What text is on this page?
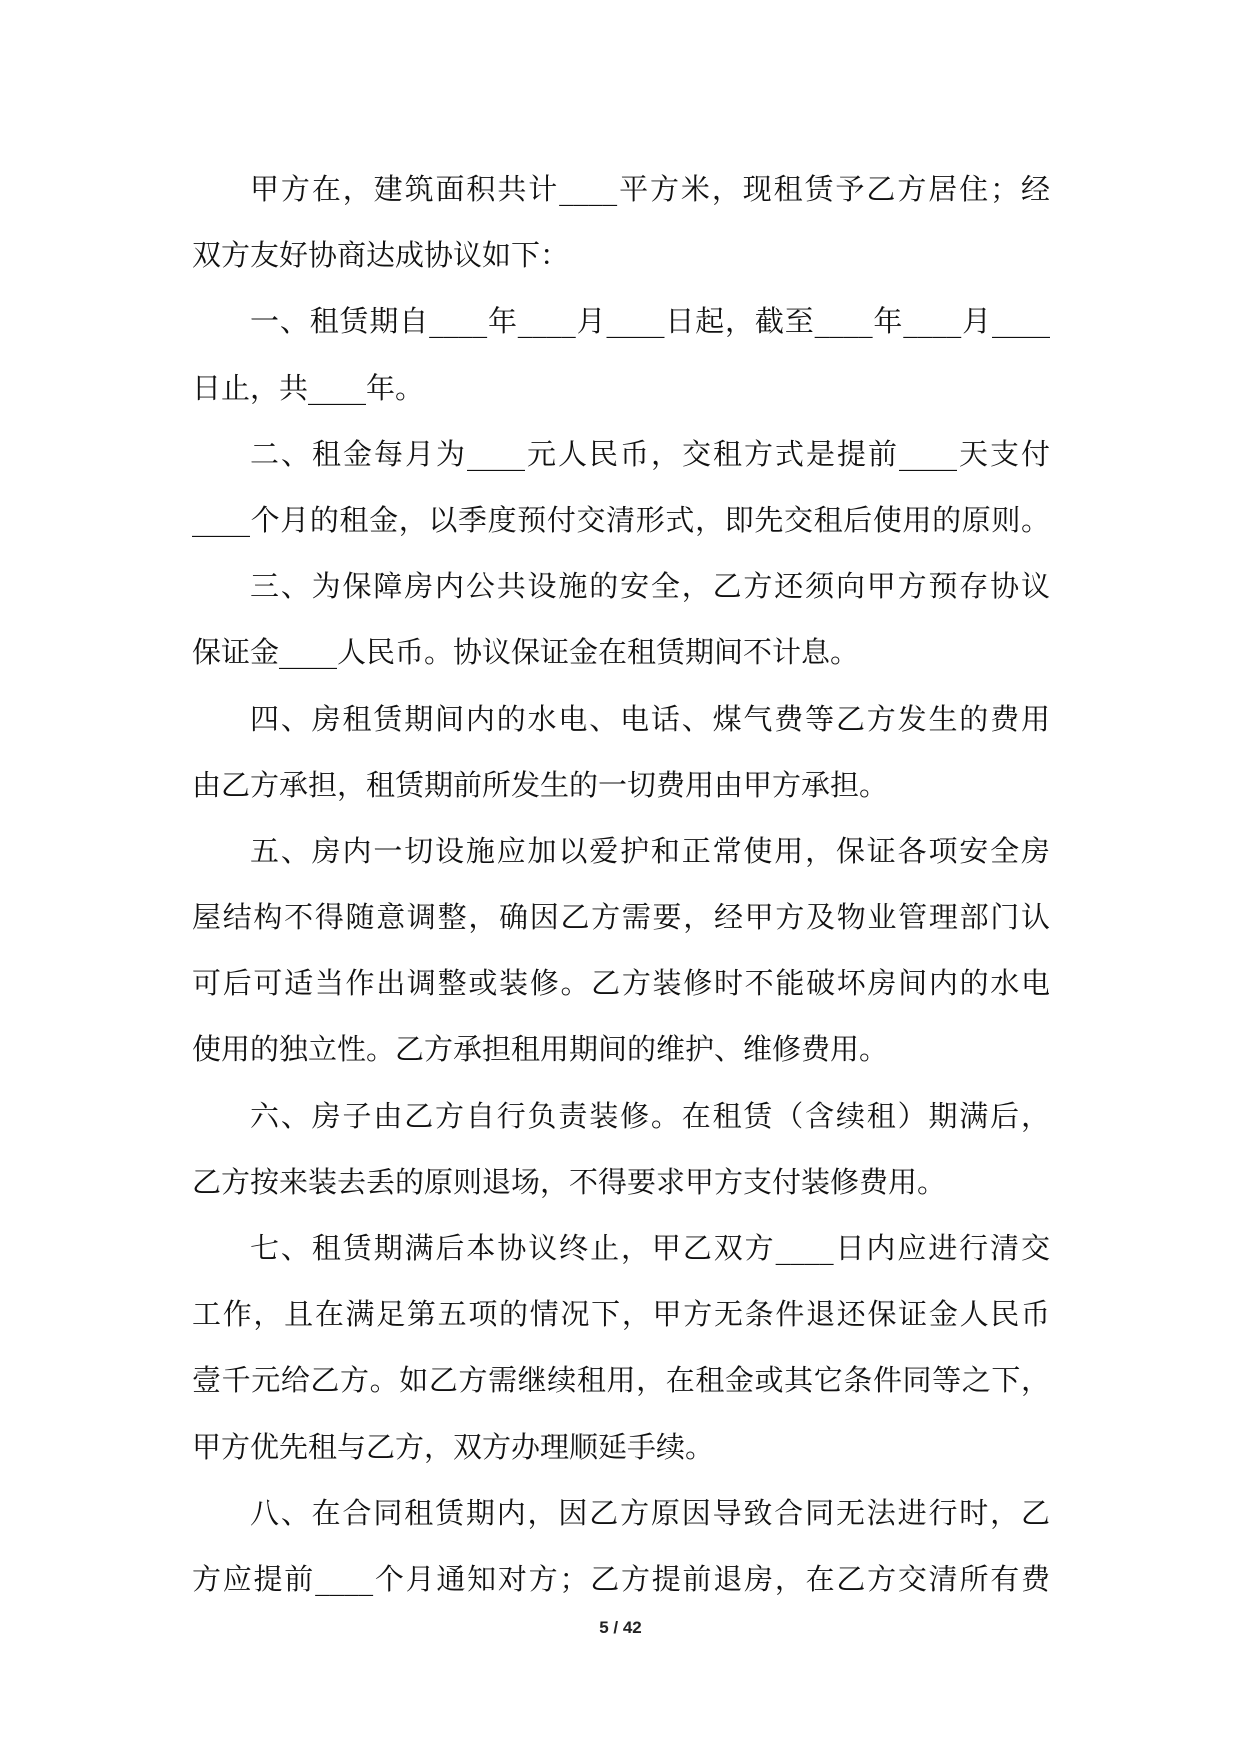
甲方在，建筑面积共计____平方米，现租赁予乙方居住；经
双方友好协商达成协议如下：
一、租赁期自____年____月____日起，截至____年____月____
日止，共____年。
二、租金每月为____元人民币，交租方式是提前____天支付
____个月的租金，以季度预付交清形式，即先交租后使用的原则。
三、为保障房内公共设施的安全，乙方还须向甲方预存协议
保证金____人民币。协议保证金在租赁期间不计息。
四、房租赁期间内的水电、电话、煤气费等乙方发生的费用
由乙方承担，租赁期前所发生的一切费用由甲方承担。
五、房内一切设施应加以爱护和正常使用，保证各项安全房
屋结构不得随意调整，确因乙方需要，经甲方及物业管理部门认
可后可适当作出调整或装修。乙方装修时不能破坏房间内的水电
使用的独立性。乙方承担租用期间的维护、维修费用。
六、房子由乙方自行负责装修。在租赁（含续租）期满后，
乙方按来装去丢的原则退场，不得要求甲方支付装修费用。
七、租赁期满后本协议终止，甲乙双方____日内应进行清交
工作，且在满足第五项的情况下，甲方无条件退还保证金人民币
壹千元给乙方。如乙方需继续租用，在租金或其它条件同等之下，
甲方优先租与乙方，双方办理顺延手续。
八、在合同租赁期内，因乙方原因导致合同无法进行时，乙
方应提前____个月通知对方；乙方提前退房，在乙方交清所有费
5 / 42
